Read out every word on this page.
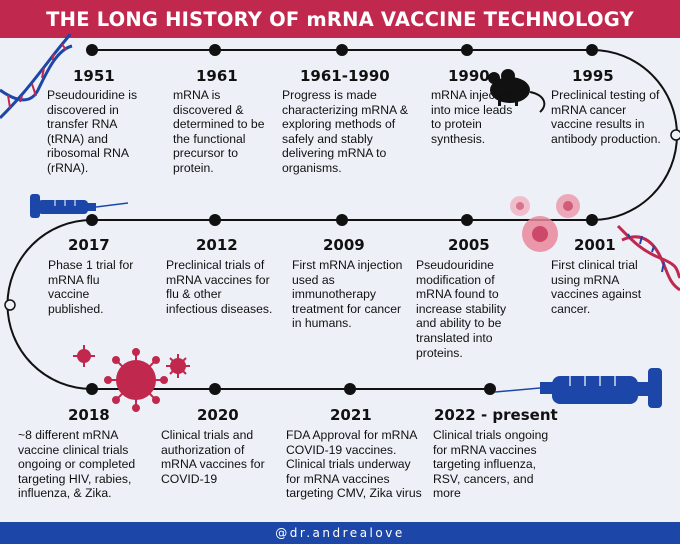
THE LONG HISTORY OF mRNA VACCINE TECHNOLOGY
1951
Pseudouridine is discovered in transfer RNA (tRNA) and ribosomal RNA (rRNA).
1961
mRNA is discovered & determined to be the functional precursor to protein.
1961-1990
Progress is made characterizing mRNA & exploring methods of safely and stably delivering mRNA to organisms.
1990
mRNA injected into mice leads to protein synthesis.
1995
Preclinical testing of mRNA cancer vaccine results in antibody production.
2001
First clinical trial using mRNA vaccines against cancer.
2005
Pseudouridine modification of mRNA found to increase stability and ability to be translated into proteins.
2009
First mRNA injection used as immunotherapy treatment for cancer in humans.
2012
Preclinical trials of mRNA vaccines for flu & other infectious diseases.
2017
Phase 1 trial for mRNA flu vaccine published.
2018
~8 different mRNA vaccine clinical trials ongoing or completed targeting HIV, rabies, influenza, & Zika.
2020
Clinical trials and authorization of mRNA vaccines for COVID-19
2021
FDA Approval for mRNA COVID-19 vaccines. Clinical trials underway for mRNA vaccines targeting CMV, Zika virus
2022 - present
Clinical trials ongoing for mRNA vaccines targeting influenza, RSV, cancers, and more
@dr.andrealove
